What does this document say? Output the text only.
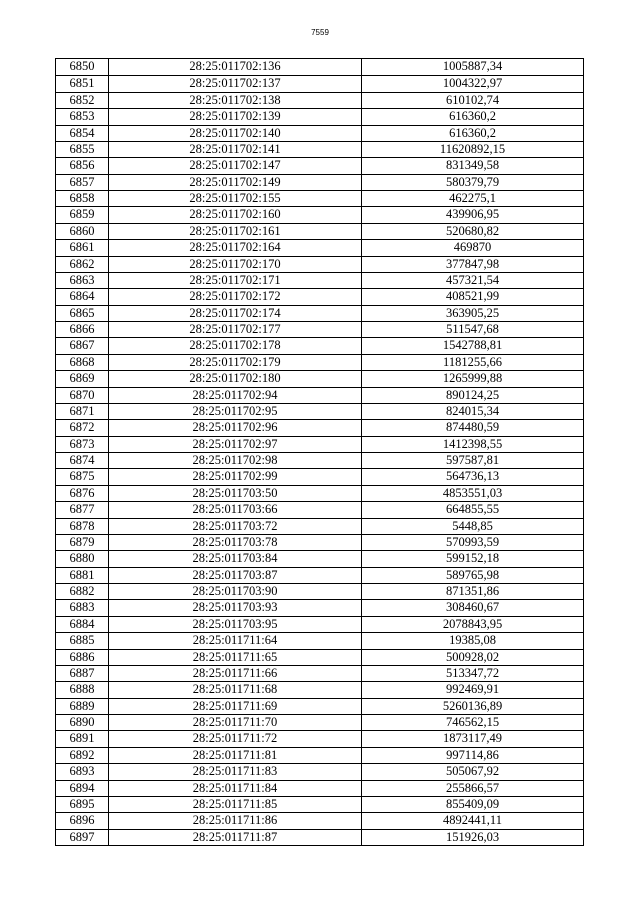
7559
6850	28:25:011702:136	1005887,34
6851	28:25:011702:137	1004322,97
6852	28:25:011702:138	610102,74
6853	28:25:011702:139	616360,2
6854	28:25:011702:140	616360,2
6855	28:25:011702:141	11620892,15
6856	28:25:011702:147	831349,58
6857	28:25:011702:149	580379,79
6858	28:25:011702:155	462275,1
6859	28:25:011702:160	439906,95
6860	28:25:011702:161	520680,82
6861	28:25:011702:164	469870
6862	28:25:011702:170	377847,98
6863	28:25:011702:171	457321,54
6864	28:25:011702:172	408521,99
6865	28:25:011702:174	363905,25
6866	28:25:011702:177	511547,68
6867	28:25:011702:178	1542788,81
6868	28:25:011702:179	1181255,66
6869	28:25:011702:180	1265999,88
6870	28:25:011702:94	890124,25
6871	28:25:011702:95	824015,34
6872	28:25:011702:96	874480,59
6873	28:25:011702:97	1412398,55
6874	28:25:011702:98	597587,81
6875	28:25:011702:99	564736,13
6876	28:25:011703:50	4853551,03
6877	28:25:011703:66	664855,55
6878	28:25:011703:72	5448,85
6879	28:25:011703:78	570993,59
6880	28:25:011703:84	599152,18
6881	28:25:011703:87	589765,98
6882	28:25:011703:90	871351,86
6883	28:25:011703:93	308460,67
6884	28:25:011703:95	2078843,95
6885	28:25:011711:64	19385,08
6886	28:25:011711:65	500928,02
6887	28:25:011711:66	513347,72
6888	28:25:011711:68	992469,91
6889	28:25:011711:69	5260136,89
6890	28:25:011711:70	746562,15
6891	28:25:011711:72	1873117,49
6892	28:25:011711:81	997114,86
6893	28:25:011711:83	505067,92
6894	28:25:011711:84	255866,57
6895	28:25:011711:85	855409,09
6896	28:25:011711:86	4892441,11
6897	28:25:011711:87	151926,03
